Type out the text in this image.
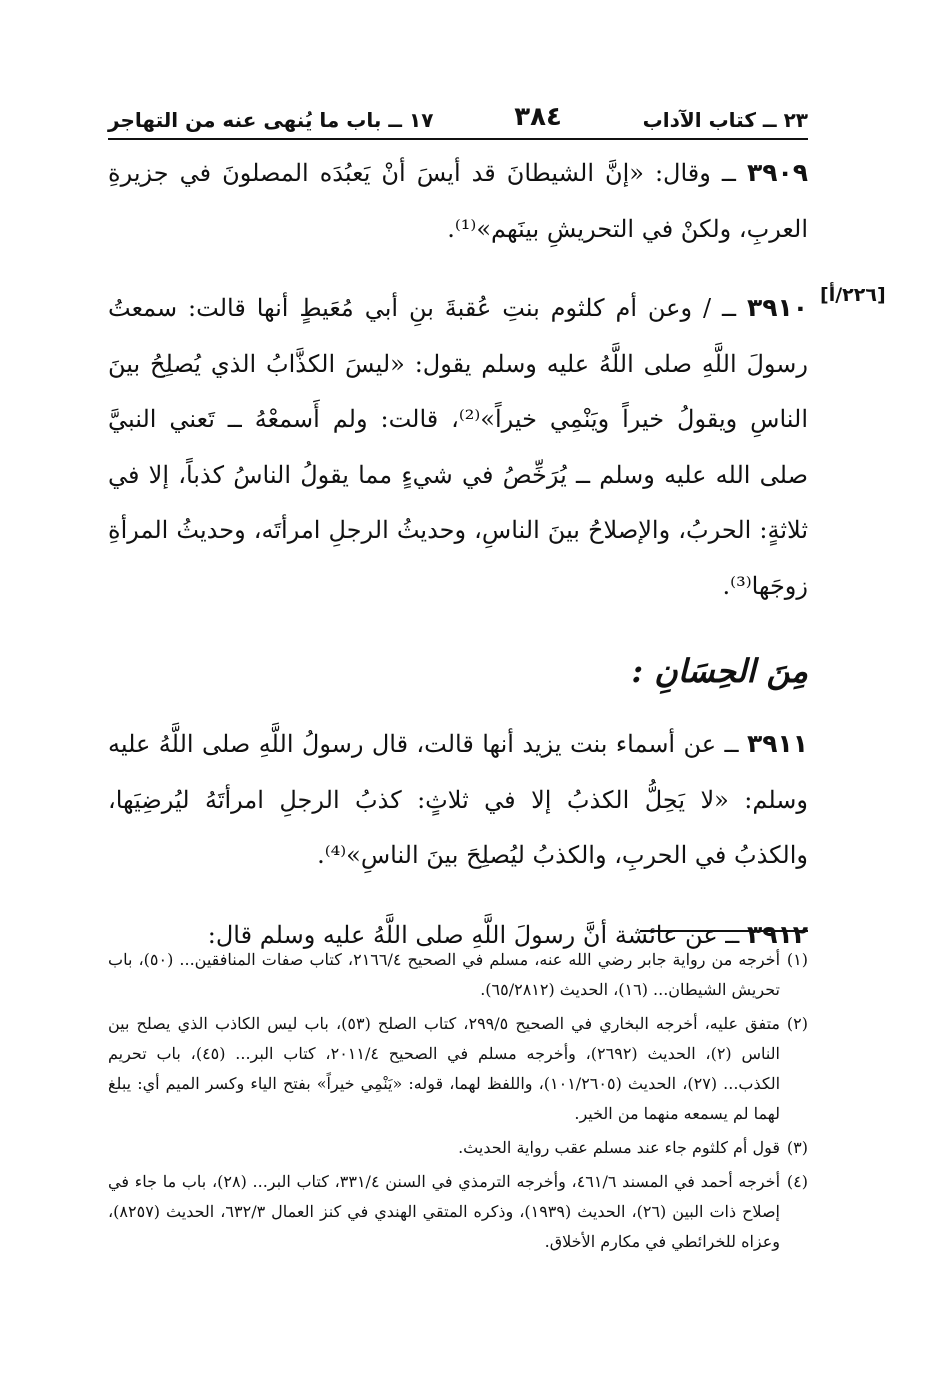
٢٣ ــ كتاب الآداب
٣٨٤
١٧ ــ باب ما يُنهى عنه من التهاجر
[٢٢٦/أ]

٣٩٠٩ ــ وقال: «إنَّ الشيطانَ قد أيسَ أنْ يَعبُدَه المصلونَ في جزيرةِ العربِ، ولكنْ في التحريشِ بينَهم»⁽¹⁾.

٣٩١٠ ــ / وعن أم كلثوم بنتِ عُقبةَ بنِ أبي مُعَيطٍ أنها قالت: سمعتُ رسولَ اللَّهِ صلى اللَّهُ عليه وسلم يقول: «ليسَ الكذَّابُ الذي يُصلِحُ بينَ الناسِ ويقولُ خيراً ويَنْمِي خيراً»⁽²⁾، قالت: ولم أَسمعْهُ ــ تَعني النبيَّ صلى الله عليه وسلم ــ يُرَخِّصُ في شيءٍ مما يقولُ الناسُ كذباً، إلا في ثلاثةٍ: الحربُ، والإصلاحُ بينَ الناسِ، وحديثُ الرجلِ امرأتَه، وحديثُ المرأةِ زوجَها⁽³⁾.

مِنَ الحِسَانِ :

٣٩١١ ــ عن أسماء بنت يزيد أنها قالت، قال رسولُ اللَّهِ صلى اللَّهُ عليه وسلم: «لا يَحِلُّ الكذبُ إلا في ثلاثٍ: كذبُ الرجلِ امرأتَهُ ليُرضِيَها، والكذبُ في الحربِ، والكذبُ ليُصلِحَ بينَ الناسِ»⁽⁴⁾.

٣٩١٢ ــ عن عائشة أنَّ رسولَ اللَّهِ صلى اللَّهُ عليه وسلم قال:

(١)
أخرجه من رواية جابر رضي الله عنه، مسلم في الصحيح ٢١٦٦/٤، كتاب صفات المنافقين... (٥٠)، باب تحريش الشيطان... (١٦)، الحديث (٦٥/٢٨١٢).

(٢)
متفق عليه، أخرجه البخاري في الصحيح ٢٩٩/٥، كتاب الصلح (٥٣)، باب ليس الكاذب الذي يصلح بين الناس (٢)، الحديث (٢٦٩٢)، وأخرجه مسلم في الصحيح ٢٠١١/٤، كتاب البر... (٤٥)، باب تحريم الكذب... (٢٧)، الحديث (١٠١/٢٦٠٥)، واللفظ لهما، قوله: «يَنْمِي خيراً» بفتح الياء وكسر الميم أي: يبلغ لهما لم يسمعه منهما من الخير.

(٣)
قول أم كلثوم جاء عند مسلم عقب رواية الحديث.

(٤)
أخرجه أحمد في المسند ٤٦١/٦، وأخرجه الترمذي في السنن ٣٣١/٤، كتاب البر... (٢٨)، باب ما جاء في إصلاح ذات البين (٢٦)، الحديث (١٩٣٩)، وذكره المتقي الهندي في كنز العمال ٦٣٢/٣، الحديث (٨٢٥٧)، وعزاه للخرائطي في مكارم الأخلاق.
